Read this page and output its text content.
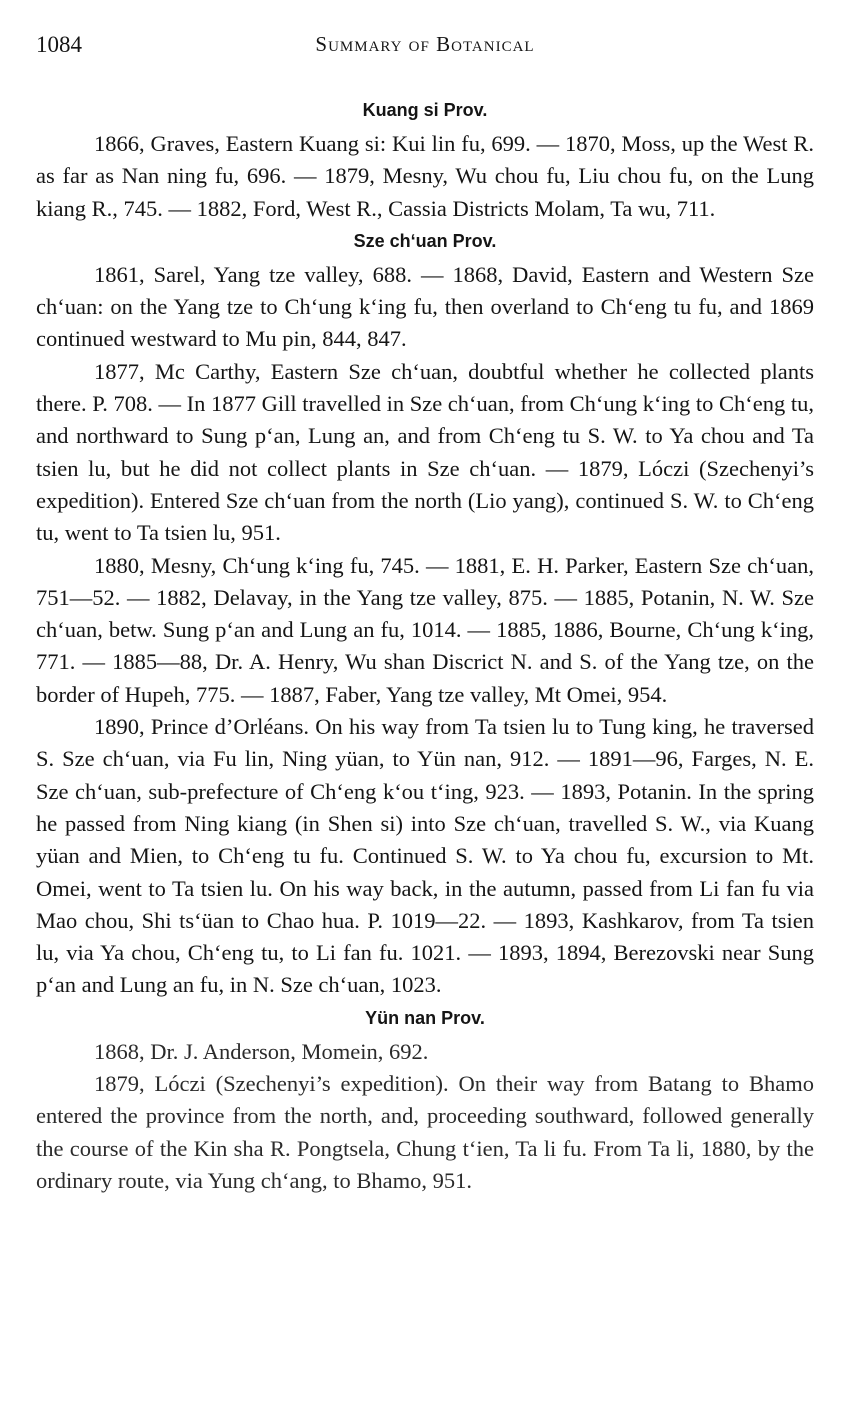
1084	Summary of Botanical
Kuang si Prov.

1866, Graves, Eastern Kuang si: Kui lin fu, 699. — 1870, Moss, up the West R. as far as Nan ning fu, 696. — 1879, Mesny, Wu chou fu, Liu chou fu, on the Lung kiang R., 745. — 1882, Ford, West R., Cassia Districts Molam, Ta wu, 711.

Sze chʻuan Prov.

1861, Sarel, Yang tze valley, 688. — 1868, David, Eastern and Western Sze chʻuan: on the Yang tze to Chʻung kʻing fu, then overland to Chʻeng tu fu, and 1869 continued westward to Mu pin, 844, 847.

1877, Mc Carthy, Eastern Sze chʻuan, doubtful whether he collected plants there. P. 708. — In 1877 Gill travelled in Sze chʻuan, from Chʻung kʻing to Chʻeng tu, and northward to Sung pʻan, Lung an, and from Chʻeng tu S. W. to Ya chou and Ta tsien lu, but he did not collect plants in Sze chʻuan. — 1879, Lóczi (Szechenyi’s expedition). Entered Sze chʻuan from the north (Lio yang), continued S. W. to Chʻeng tu, went to Ta tsien lu, 951.

1880, Mesny, Chʻung kʻing fu, 745. — 1881, E. H. Parker, Eastern Sze chʻuan, 751—52. — 1882, Delavay, in the Yang tze valley, 875. — 1885, Potanin, N. W. Sze chʻuan, betw. Sung pʻan and Lung an fu, 1014. — 1885, 1886, Bourne, Chʻung kʻing, 771. — 1885—88, Dr. A. Henry, Wu shan Discrict N. and S. of the Yang tze, on the border of Hupeh, 775. — 1887, Faber, Yang tze valley, Mt Omei, 954.

1890, Prince d’Orléans. On his way from Ta tsien lu to Tung king, he traversed S. Sze chʻuan, via Fu lin, Ning yüan, to Yün nan, 912. — 1891—96, Farges, N. E. Sze chʻuan, sub-prefecture of Chʻeng kʻou tʻing, 923. — 1893, Potanin. In the spring he passed from Ning kiang (in Shen si) into Sze chʻuan, travelled S. W., via Kuang yüan and Mien, to Chʻeng tu fu. Continued S. W. to Ya chou fu, excursion to Mt. Omei, went to Ta tsien lu. On his way back, in the autumn, passed from Li fan fu via Mao chou, Shi tsʻüan to Chao hua. P. 1019—22. — 1893, Kashkarov, from Ta tsien lu, via Ya chou, Chʻeng tu, to Li fan fu. 1021. — 1893, 1894, Berezovski near Sung pʻan and Lung an fu, in N. Sze chʻuan, 1023.

Yün nan Prov.

1868, Dr. J. Anderson, Momein, 692.

1879, Lóczi (Szechenyi’s expedition). On their way from Batang to Bhamo entered the province from the north, and, proceeding southward, followed generally the course of the Kin sha R. Pongtsela, Chung tʻien, Ta li fu. From Ta li, 1880, by the ordinary route, via Yung chʻang, to Bhamo, 951.
